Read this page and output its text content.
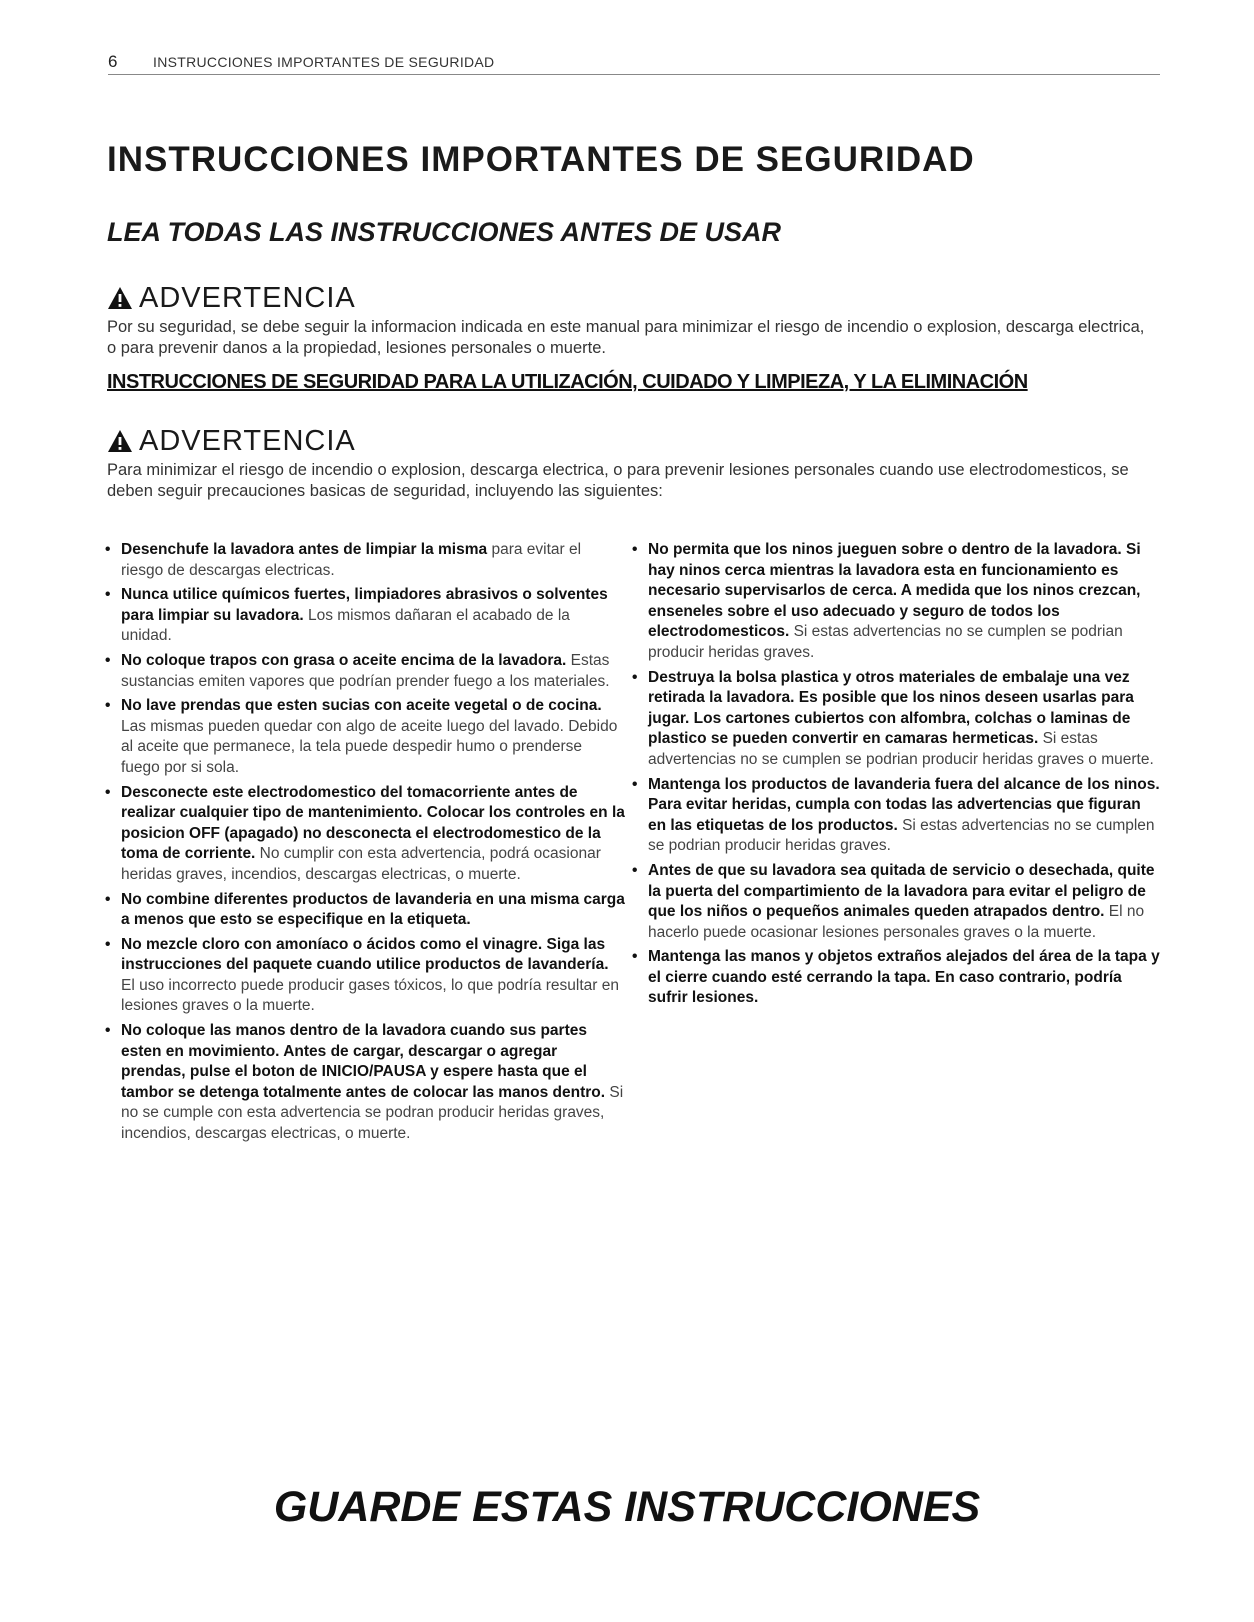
6	INSTRUCCIONES IMPORTANTES DE SEGURIDAD
INSTRUCCIONES IMPORTANTES DE SEGURIDAD
LEA TODAS LAS INSTRUCCIONES ANTES DE USAR
ADVERTENCIA
Por su seguridad, se debe seguir la informacion indicada en este manual para minimizar el riesgo de incendio o explosion, descarga electrica, o para prevenir danos a la propiedad, lesiones personales o muerte.
INSTRUCCIONES DE SEGURIDAD PARA LA UTILIZACIÓN, CUIDADO Y LIMPIEZA, Y LA ELIMINACIÓN
ADVERTENCIA
Para minimizar el riesgo de incendio o explosion, descarga electrica, o para prevenir lesiones personales cuando use electrodomesticos, se deben seguir precauciones basicas de seguridad, incluyendo las siguientes:
• Desenchufe la lavadora antes de limpiar la misma para evitar el riesgo de descargas electricas.
• Nunca utilice químicos fuertes, limpiadores abrasivos o solventes para limpiar su lavadora. Los mismos dañaran el acabado de la unidad.
• No coloque trapos con grasa o aceite encima de la lavadora. Estas sustancias emiten vapores que podrían prender fuego a los materiales.
• No lave prendas que esten sucias con aceite vegetal o de cocina. Las mismas pueden quedar con algo de aceite luego del lavado. Debido al aceite que permanece, la tela puede despedir humo o prenderse fuego por si sola.
• Desconecte este electrodomestico del tomacorriente antes de realizar cualquier tipo de mantenimiento. Colocar los controles en la posicion OFF (apagado) no desconecta el electrodomestico de la toma de corriente. No cumplir con esta advertencia, podrá ocasionar heridas graves, incendios, descargas electricas, o muerte.
• No combine diferentes productos de lavanderia en una misma carga a menos que esto se especifique en la etiqueta.
• No mezcle cloro con amoníaco o ácidos como el vinagre. Siga las instrucciones del paquete cuando utilice productos de lavandería. El uso incorrecto puede producir gases tóxicos, lo que podría resultar en lesiones graves o la muerte.
• No coloque las manos dentro de la lavadora cuando sus partes esten en movimiento. Antes de cargar, descargar o agregar prendas, pulse el boton de INICIO/PAUSA y espere hasta que el tambor se detenga totalmente antes de colocar las manos dentro. Si no se cumple con esta advertencia se podran producir heridas graves, incendios, descargas electricas, o muerte.
• No permita que los ninos jueguen sobre o dentro de la lavadora. Si hay ninos cerca mientras la lavadora esta en funcionamiento es necesario supervisarlos de cerca. A medida que los ninos crezcan, enseneles sobre el uso adecuado y seguro de todos los electrodomesticos. Si estas advertencias no se cumplen se podrian producir heridas graves.
• Destruya la bolsa plastica y otros materiales de embalaje una vez retirada la lavadora. Es posible que los ninos deseen usarlas para jugar. Los cartones cubiertos con alfombra, colchas o laminas de plastico se pueden convertir en camaras hermeticas. Si estas advertencias no se cumplen se podrian producir heridas graves o muerte.
• Mantenga los productos de lavanderia fuera del alcance de los ninos. Para evitar heridas, cumpla con todas las advertencias que figuran en las etiquetas de los productos. Si estas advertencias no se cumplen se podrian producir heridas graves.
• Antes de que su lavadora sea quitada de servicio o desechada, quite la puerta del compartimiento de la lavadora para evitar el peligro de que los niños o pequeños animales queden atrapados dentro. El no hacerlo puede ocasionar lesiones personales graves o la muerte.
• Mantenga las manos y objetos extraños alejados del área de la tapa y el cierre cuando esté cerrando la tapa. En caso contrario, podría sufrir lesiones.
GUARDE ESTAS INSTRUCCIONES
